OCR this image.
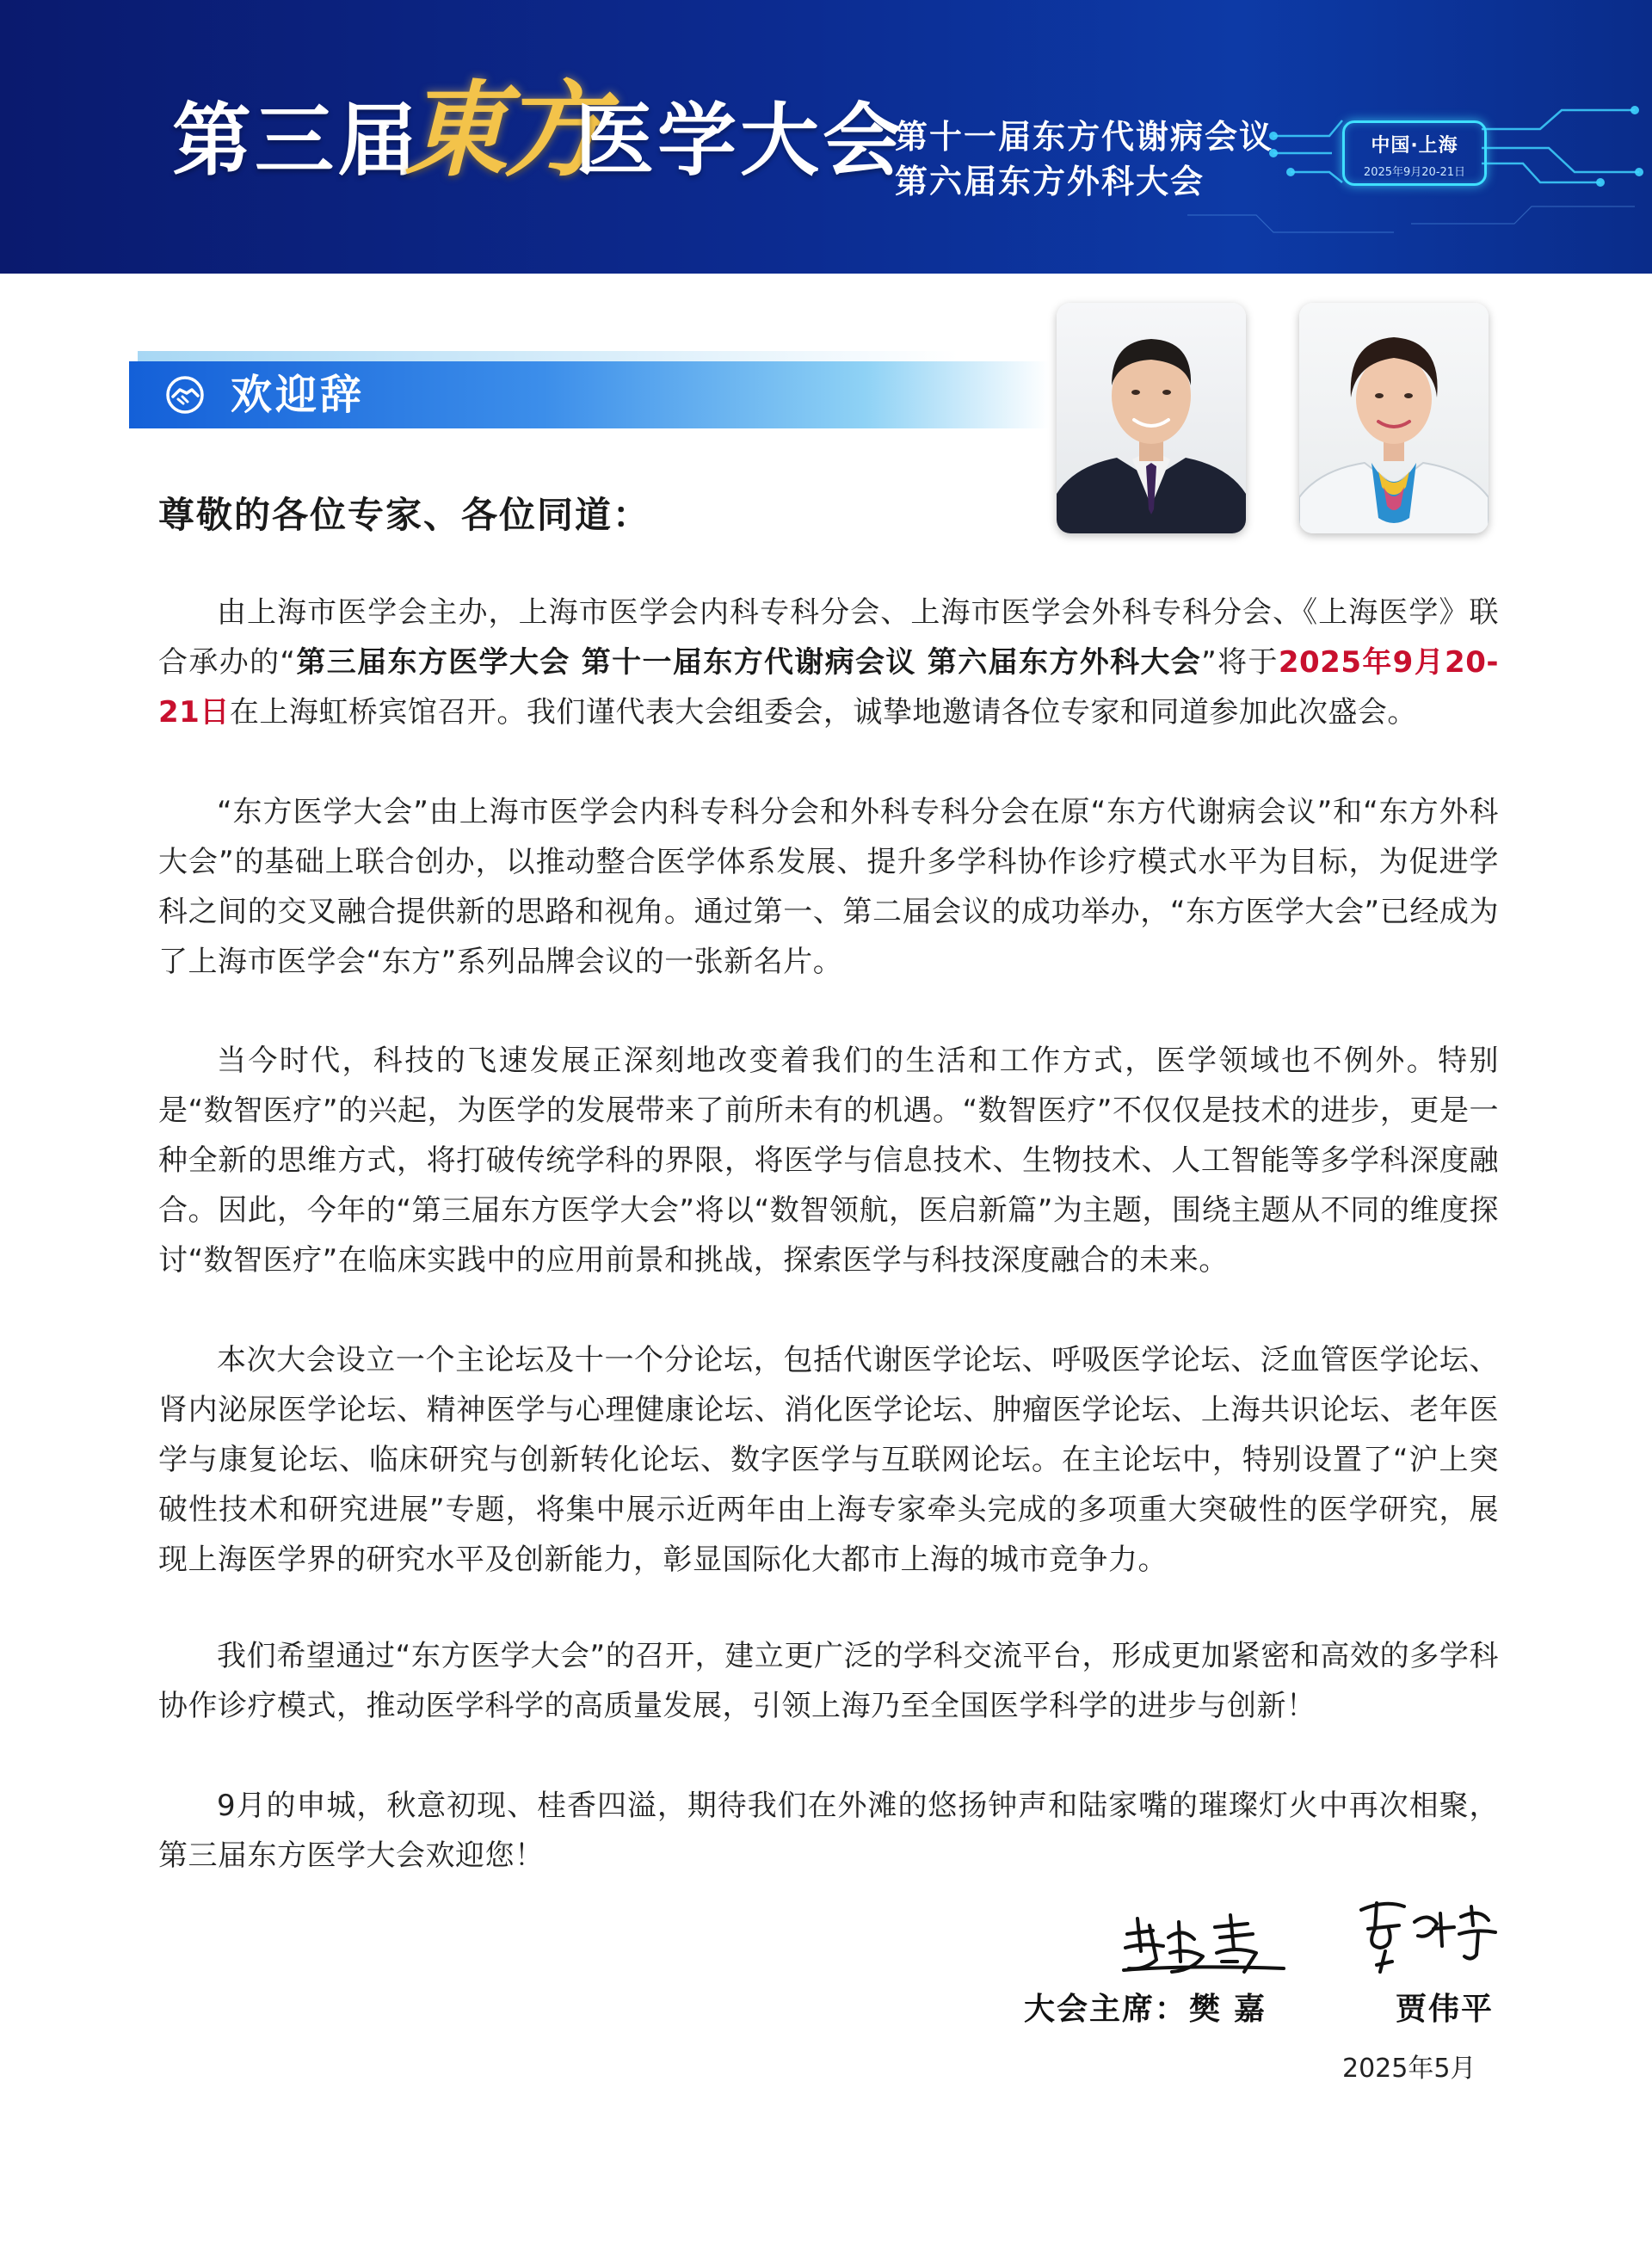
第三届
東方
医学大会
第十一届东方代谢病会议
第六届东方外科大会
中国·上海
2025年9月20-21日
欢迎辞
尊敬的各位专家、各位同道：

由上海市医学会主办，上海市医学会内科专科分会、上海市医学会外科专科分会、《上海医学》联合承办的“第三届东方医学大会 第十一届东方代谢病会议 第六届东方外科大会”将于2025年9月20-21日在上海虹桥宾馆召开。我们谨代表大会组委会，诚挚地邀请各位专家和同道参加此次盛会。

“东方医学大会”由上海市医学会内科专科分会和外科专科分会在原“东方代谢病会议”和“东方外科大会”的基础上联合创办，以推动整合医学体系发展、提升多学科协作诊疗模式水平为目标，为促进学科之间的交叉融合提供新的思路和视角。通过第一、第二届会议的成功举办，“东方医学大会”已经成为了上海市医学会“东方”系列品牌会议的一张新名片。

当今时代，科技的飞速发展正深刻地改变着我们的生活和工作方式，医学领域也不例外。特别是“数智医疗”的兴起，为医学的发展带来了前所未有的机遇。“数智医疗”不仅仅是技术的进步，更是一种全新的思维方式，将打破传统学科的界限，将医学与信息技术、生物技术、人工智能等多学科深度融合。因此，今年的“第三届东方医学大会”将以“数智领航，医启新篇”为主题，围绕主题从不同的维度探讨“数智医疗”在临床实践中的应用前景和挑战，探索医学与科技深度融合的未来。

本次大会设立一个主论坛及十一个分论坛，包括代谢医学论坛、呼吸医学论坛、泛血管医学论坛、肾内泌尿医学论坛、精神医学与心理健康论坛、消化医学论坛、肿瘤医学论坛、上海共识论坛、老年医学与康复论坛、临床研究与创新转化论坛、数字医学与互联网论坛。在主论坛中，特别设置了“沪上突破性技术和研究进展”专题，将集中展示近两年由上海专家牵头完成的多项重大突破性的医学研究，展现上海医学界的研究水平及创新能力，彰显国际化大都市上海的城市竞争力。

我们希望通过“东方医学大会”的召开，建立更广泛的学科交流平台，形成更加紧密和高效的多学科协作诊疗模式，推动医学科学的高质量发展，引领上海乃至全国医学科学的进步与创新！

9月的申城，秋意初现、桂香四溢，期待我们在外滩的悠扬钟声和陆家嘴的璀璨灯火中再次相聚，第三届东方医学大会欢迎您！

大会主席： 樊嘉	贾伟平
2025年5月
